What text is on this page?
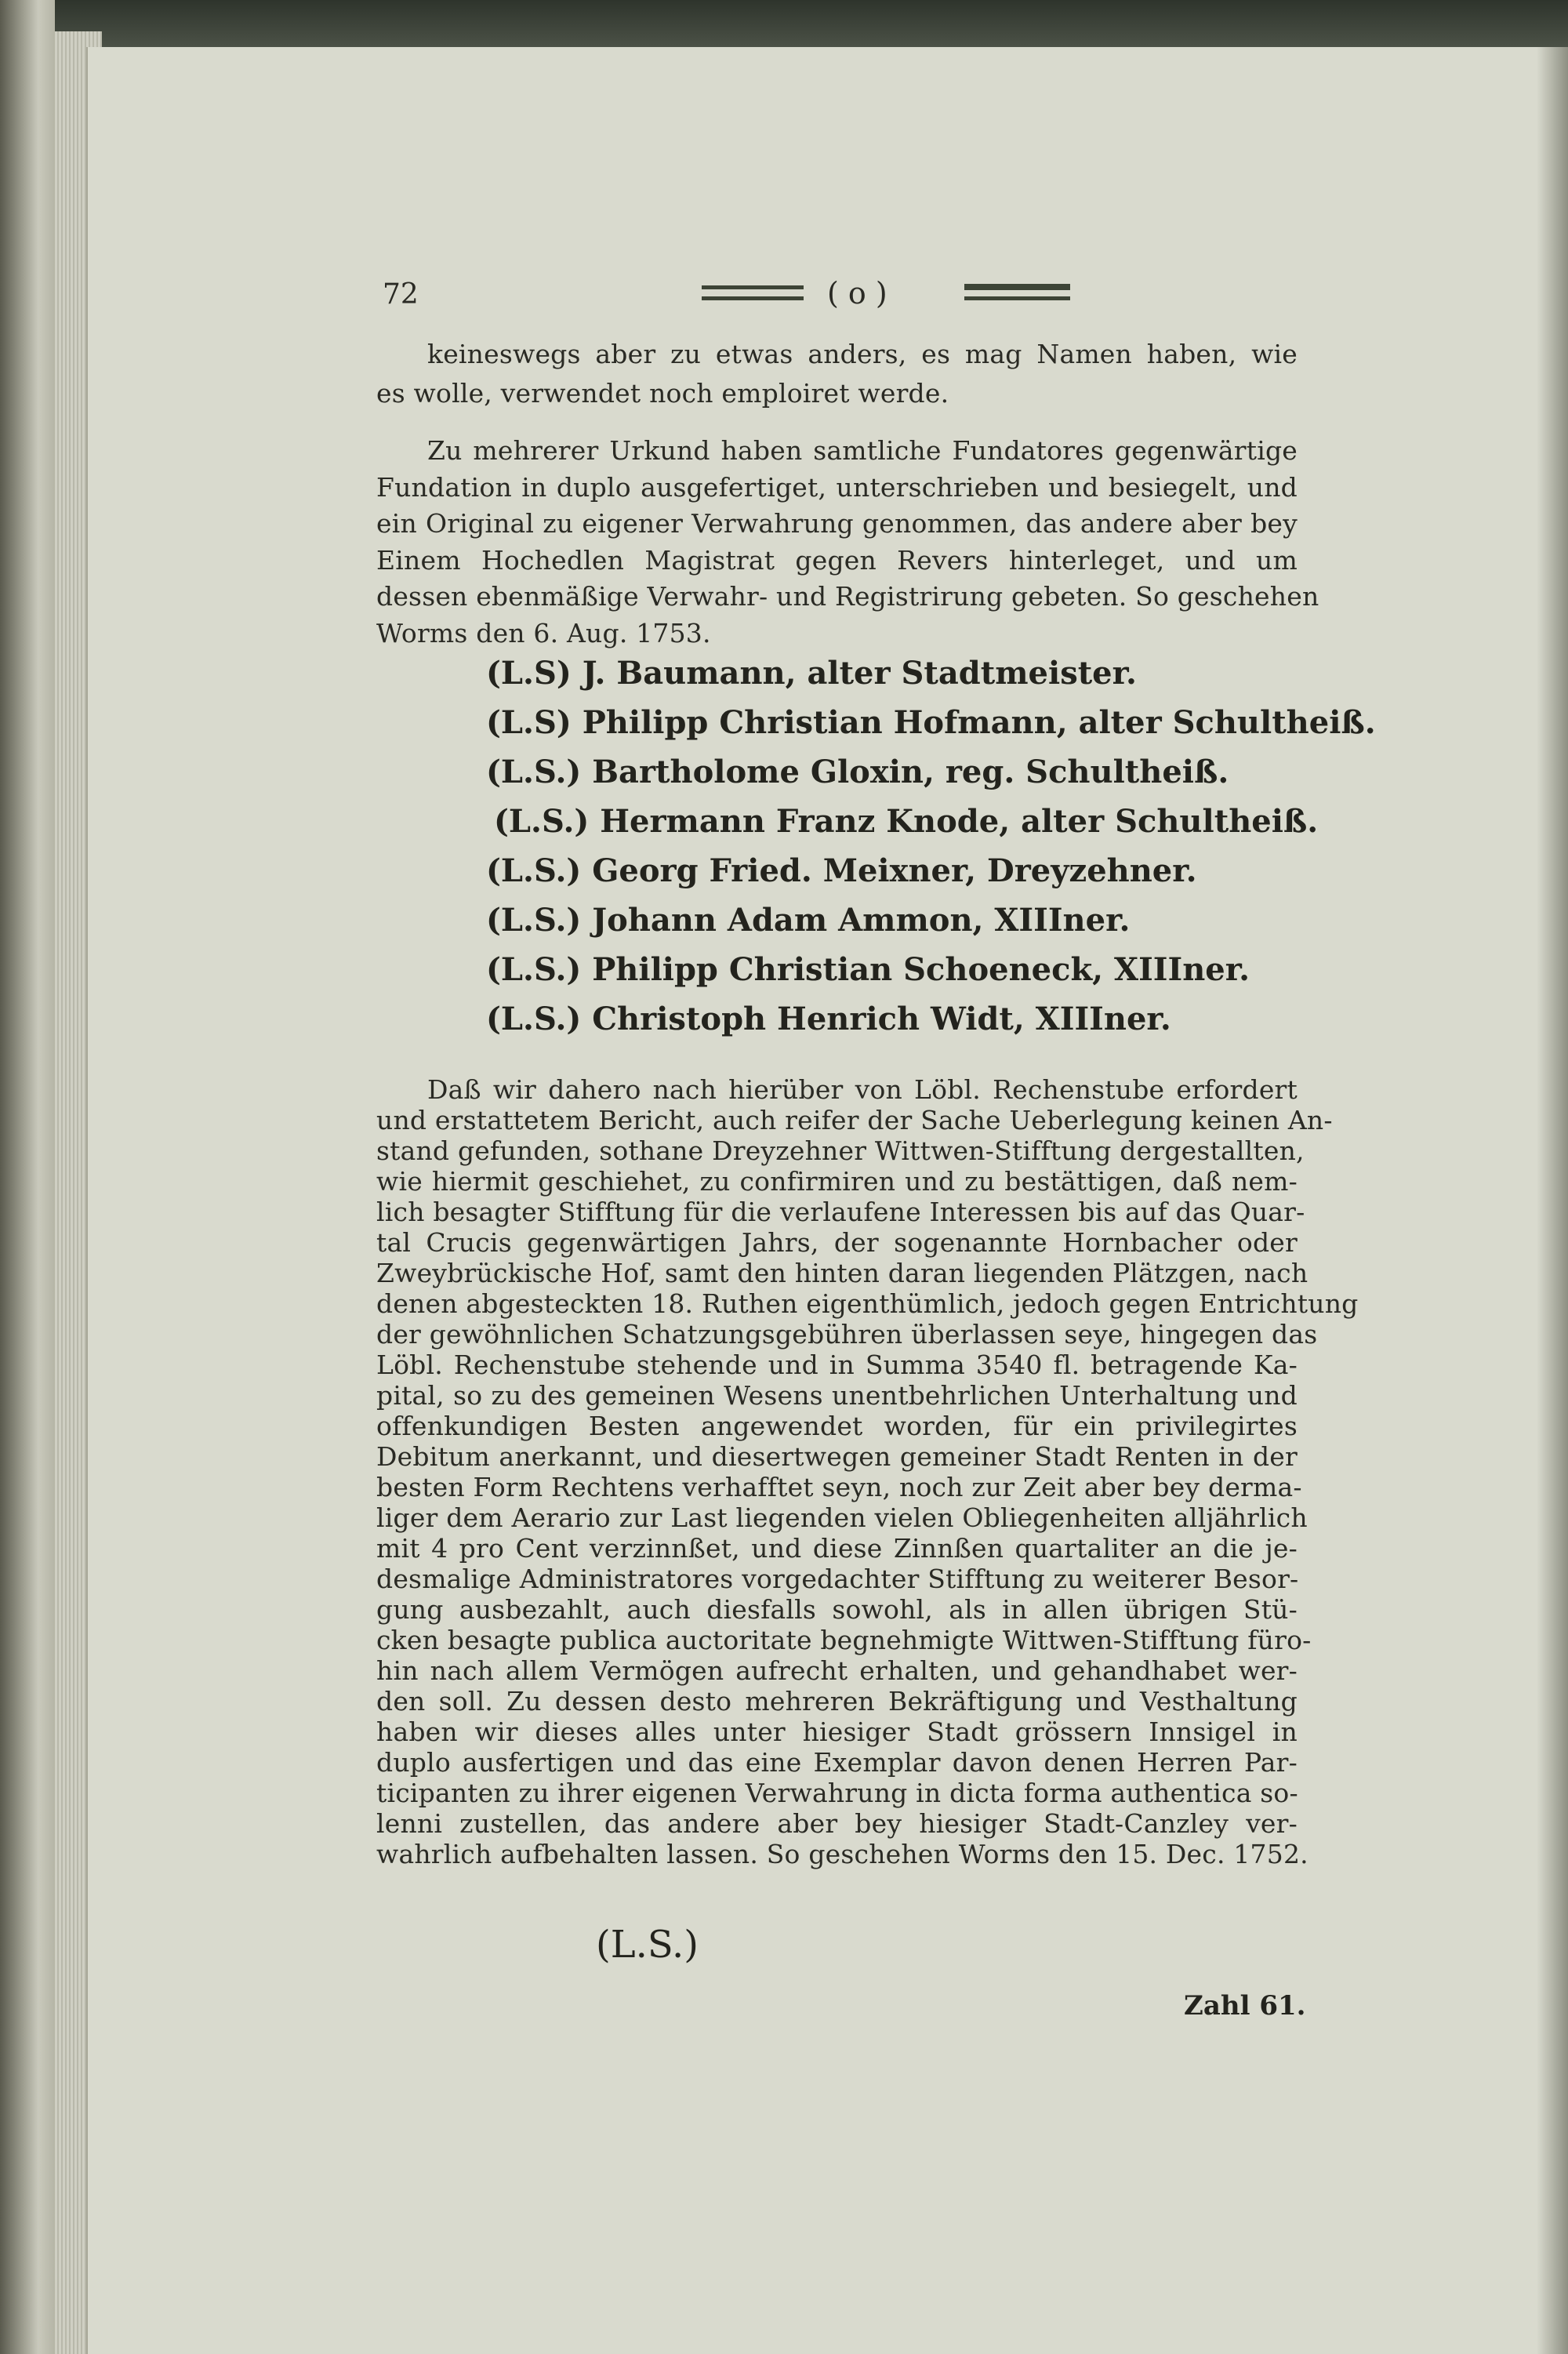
72	( o )
keineswegs aber zu etwas anders, es mag Namen haben, wie
es wolle, verwendet noch emploiret werde.
Zu mehrerer Urkund haben samtliche Fundatores gegenwärtige
Fundation in duplo ausgefertiget, unterschrieben und besiegelt, und
ein Original zu eigener Verwahrung genommen, das andere aber bey
Einem Hochedlen Magistrat gegen Revers hinterleget, und um
dessen ebenmäßige Verwahr- und Registrirung gebeten. So geschehen
Worms den 6. Aug. 1753.
Daß wir dahero nach hierüber von Löbl. Rechenstube erfordert
und erstattetem Bericht, auch reifer der Sache Ueberlegung keinen An-
stand gefunden, sothane Dreyzehner Wittwen-Stifftung dergestallten,
wie hiermit geschiehet, zu confirmiren und zu bestättigen, daß nem-
lich besagter Stifftung für die verlaufene Interessen bis auf das Quar-
tal Crucis gegenwärtigen Jahrs, der sogenannte Hornbacher oder
Zweybrückische Hof, samt den hinten daran liegenden Plätzgen, nach
denen abgesteckten 18. Ruthen eigenthümlich, jedoch gegen Entrichtung
der gewöhnlichen Schatzungsgebühren überlassen seye, hingegen das
Löbl. Rechenstube stehende und in Summa 3540 fl. betragende Ka-
pital, so zu des gemeinen Wesens unentbehrlichen Unterhaltung und
offenkundigen Besten angewendet worden, für ein privilegirtes
Debitum anerkannt, und diesertwegen gemeiner Stadt Renten in der
besten Form Rechtens verhafftet seyn, noch zur Zeit aber bey derma-
liger dem Aerario zur Last liegenden vielen Obliegenheiten alljährlich
mit 4 pro Cent verzinnßet, und diese Zinnßen quartaliter an die je-
desmalige Administratores vorgedachter Stifftung zu weiterer Besor-
gung ausbezahlt, auch diesfalls sowohl, als in allen übrigen Stü-
cken besagte publica auctoritate begnehmigte Wittwen-Stifftung füro-
hin nach allem Vermögen aufrecht erhalten, und gehandhabet wer-
den soll. Zu dessen desto mehreren Bekräftigung und Vesthaltung
haben wir dieses alles unter hiesiger Stadt grössern Innsigel in
duplo ausfertigen und das eine Exemplar davon denen Herren Par-
ticipanten zu ihrer eigenen Verwahrung in dicta forma authentica so-
lenni zustellen, das andere aber bey hiesiger Stadt-Canzley ver-
wahrlich aufbehalten lassen. So geschehen Worms den 15. Dec. 1752.
(L.S) J. Baumann, alter Stadtmeister.
(L.S) Philipp Christian Hofmann, alter Schultheiß.
(L.S.) Bartholome Gloxin, reg. Schultheiß.
(L.S.) Hermann Franz Knode, alter Schultheiß.
(L.S.) Georg Fried. Meixner, Dreyzehner.
(L.S.) Johann Adam Ammon, XIIIner.
(L.S.) Philipp Christian Schoeneck, XIIIner.
(L.S.) Christoph Henrich Widt, XIIIner.
(L.S.)
Zahl 61.
